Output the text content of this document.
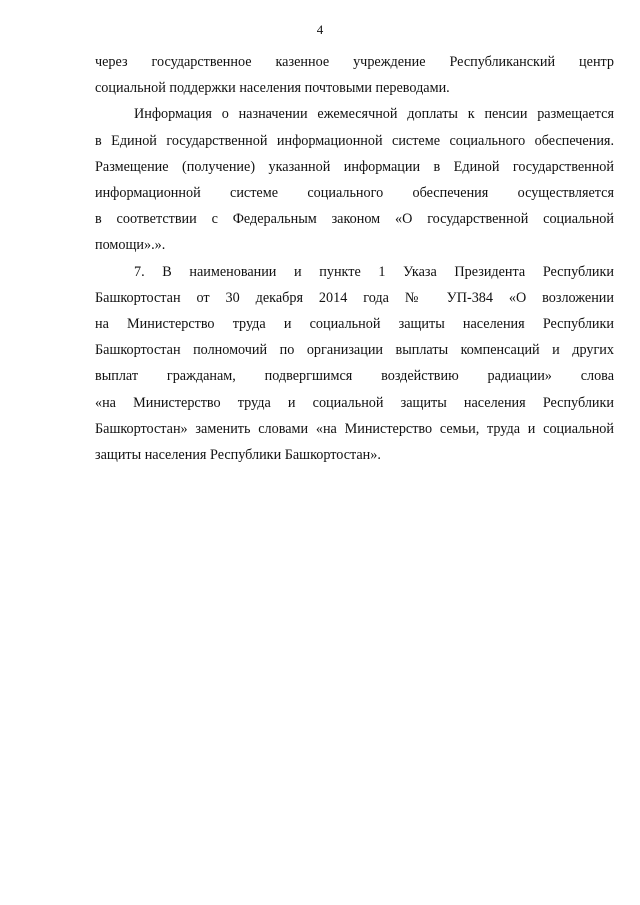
4

через государственное казенное учреждение Республиканский центр
социальной поддержки населения почтовыми переводами.

Информация о назначении ежемесячной доплаты к пенсии размещается
в Единой государственной информационной системе социального обеспечения.
Размещение (получение) указанной информации в Единой государственной
информационной системе социального обеспечения осуществляется
в соответствии с Федеральным законом «О государственной социальной
помощи».».

7. В наименовании и пункте 1 Указа Президента Республики
Башкортостан от 30 декабря 2014 года № УП-384 «О возложении
на Министерство труда и социальной защиты населения Республики
Башкортостан полномочий по организации выплаты компенсаций и других
выплат гражданам, подвергшимся воздействию радиации» слова
«на Министерство труда и социальной защиты населения Республики
Башкортостан» заменить словами «на Министерство семьи, труда и социальной
защиты населения Республики Башкортостан».
